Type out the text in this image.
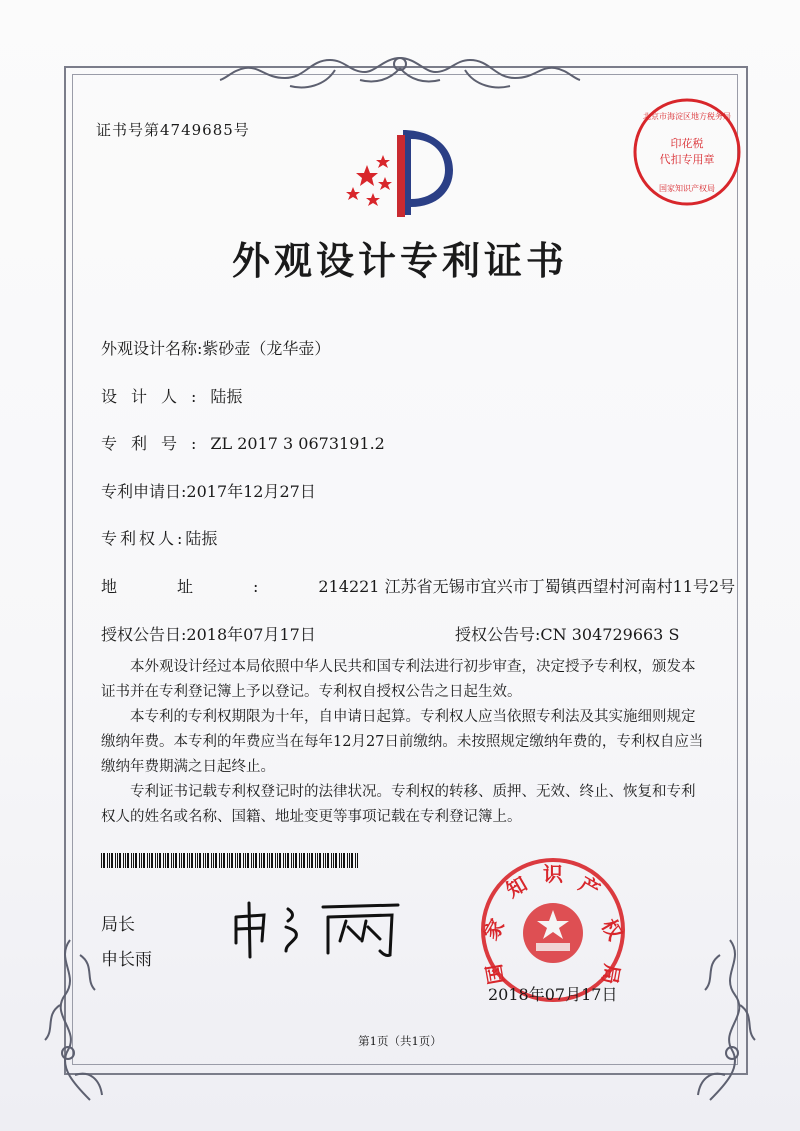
证书号第4749685号
印花税
代扣专用章
北京市海淀区地方税务局
国家知识产权局
外观设计专利证书
外观设计名称:紫砂壶（龙华壶）
设计人:陆振
专利号:ZL 2017 3 0673191.2
专利申请日:2017年12月27日
专利权人:陆振
地址:214221 江苏省无锡市宜兴市丁蜀镇西望村河南村11号2号
授权公告日:2018年07月17日	授权公告号:CN 304729663 S

本外观设计经过本局依照中华人民共和国专利法进行初步审查，决定授予专利权，颁发本证书并在专利登记簿上予以登记。专利权自授权公告之日起生效。

本专利的专利权期限为十年，自申请日起算。专利权人应当依照专利法及其实施细则规定缴纳年费。本专利的年费应当在每年12月27日前缴纳。未按照规定缴纳年费的，专利权自应当缴纳年费期满之日起终止。

专利证书记载专利权登记时的法律状况。专利权的转移、质押、无效、终止、恢复和专利权人的姓名或名称、国籍、地址变更等事项记载在专利登记簿上。

局长
申长雨
家
知 识 产
权
国	局
2018年07月17日
第1页（共1页）
